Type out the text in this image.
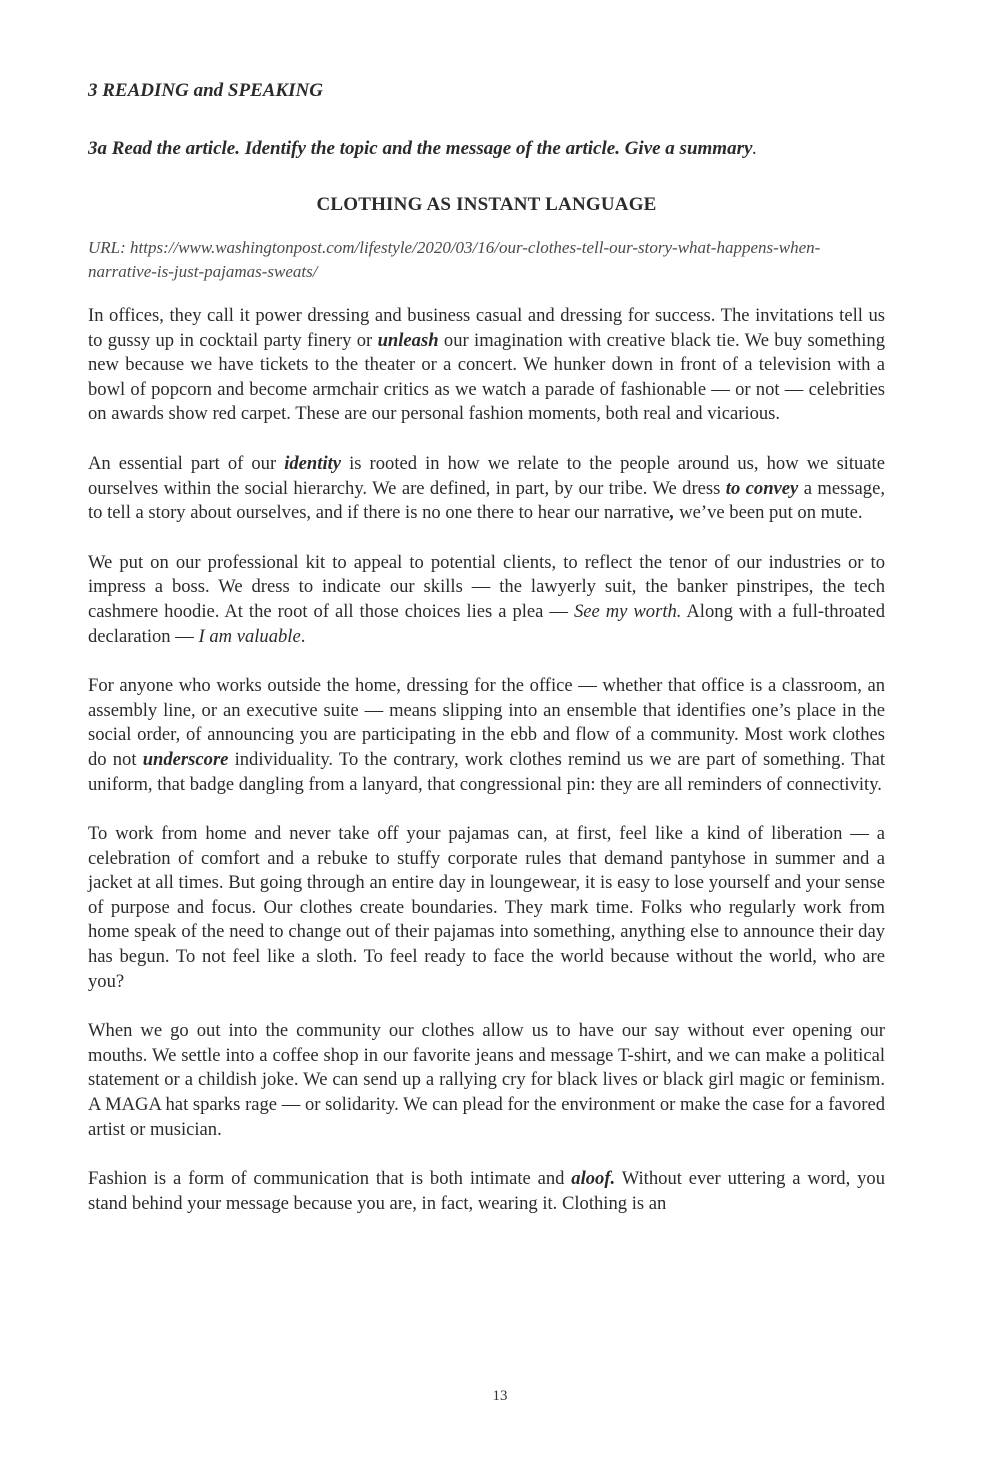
3 READING and SPEAKING

3a Read the article. Identify the topic and the message of the article. Give a summary.

CLOTHING AS INSTANT LANGUAGE

URL: https://www.washingtonpost.com/lifestyle/2020/03/16/our-clothes-tell-our-story-what-happens-when-narrative-is-just-pajamas-sweats/

In offices, they call it power dressing and business casual and dressing for success. The invitations tell us to gussy up in cocktail party finery or unleash our imagination with creative black tie. We buy something new because we have tickets to the theater or a concert. We hunker down in front of a television with a bowl of popcorn and become armchair critics as we watch a parade of fashionable — or not — celebrities on awards show red carpet. These are our personal fashion moments, both real and vicarious.

An essential part of our identity is rooted in how we relate to the people around us, how we situate ourselves within the social hierarchy. We are defined, in part, by our tribe. We dress to convey a message, to tell a story about ourselves, and if there is no one there to hear our narrative, we’ve been put on mute.

We put on our professional kit to appeal to potential clients, to reflect the tenor of our industries or to impress a boss. We dress to indicate our skills — the lawyerly suit, the banker pinstripes, the tech cashmere hoodie. At the root of all those choices lies a plea — See my worth. Along with a full-throated declaration — I am valuable.

For anyone who works outside the home, dressing for the office — whether that office is a classroom, an assembly line, or an executive suite — means slipping into an ensemble that identifies one’s place in the social order, of announcing you are participating in the ebb and flow of a community. Most work clothes do not underscore individuality. To the contrary, work clothes remind us we are part of something. That uniform, that badge dangling from a lanyard, that congressional pin: they are all reminders of connectivity.

To work from home and never take off your pajamas can, at first, feel like a kind of liberation — a celebration of comfort and a rebuke to stuffy corporate rules that demand pantyhose in summer and a jacket at all times. But going through an entire day in loungewear, it is easy to lose yourself and your sense of purpose and focus. Our clothes create boundaries. They mark time. Folks who regularly work from home speak of the need to change out of their pajamas into something, anything else to announce their day has begun. To not feel like a sloth. To feel ready to face the world because without the world, who are you?

When we go out into the community our clothes allow us to have our say without ever opening our mouths. We settle into a coffee shop in our favorite jeans and message T-shirt, and we can make a political statement or a childish joke. We can send up a rallying cry for black lives or black girl magic or feminism. A MAGA hat sparks rage — or solidarity. We can plead for the environment or make the case for a favored artist or musician.

Fashion is a form of communication that is both intimate and aloof. Without ever uttering a word, you stand behind your message because you are, in fact, wearing it. Clothing is an

13
